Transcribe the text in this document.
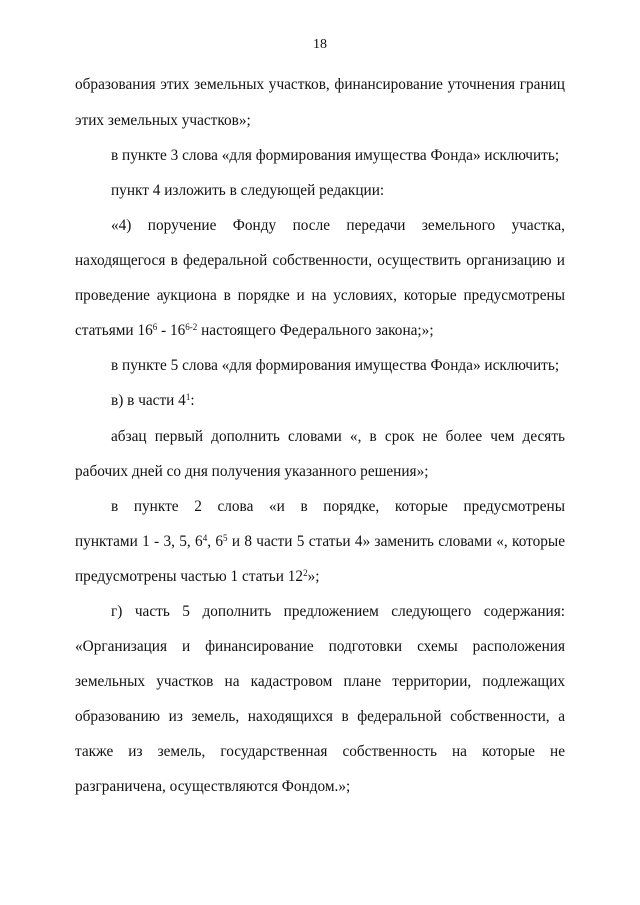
18
образования этих земельных участков, финансирование уточнения границ
этих земельных участков»;
в пункте 3 слова «для формирования имущества Фонда» исключить;
пункт 4 изложить в следующей редакции:
«4) поручение Фонду после передачи земельного участка,
находящегося в федеральной собственности, осуществить организацию и
проведение аукциона в порядке и на условиях, которые предусмотрены
статьями $16^6 - 16^{6-2}$ настоящего Федерального закона;»;
в пункте 5 слова «для формирования имущества Фонда» исключить;
в) в части $4^1$:
абзац первый дополнить словами «, в срок не более чем десять
рабочих дней со дня получения указанного решения»;
в пункте 2 слова «и в порядке, которые предусмотрены
пунктами 1 - 3, 5, $6^4$, $6^5$ и 8 части 5 статьи 4» заменить словами «, которые
предусмотрены частью 1 статьи $12^2$»;
г) часть 5 дополнить предложением следующего содержания:
«Организация и финансирование подготовки схемы расположения
земельных участков на кадастровом плане территории, подлежащих
образованию из земель, находящихся в федеральной собственности, а
также из земель, государственная собственность на которые не
разграничена, осуществляются Фондом.»;
